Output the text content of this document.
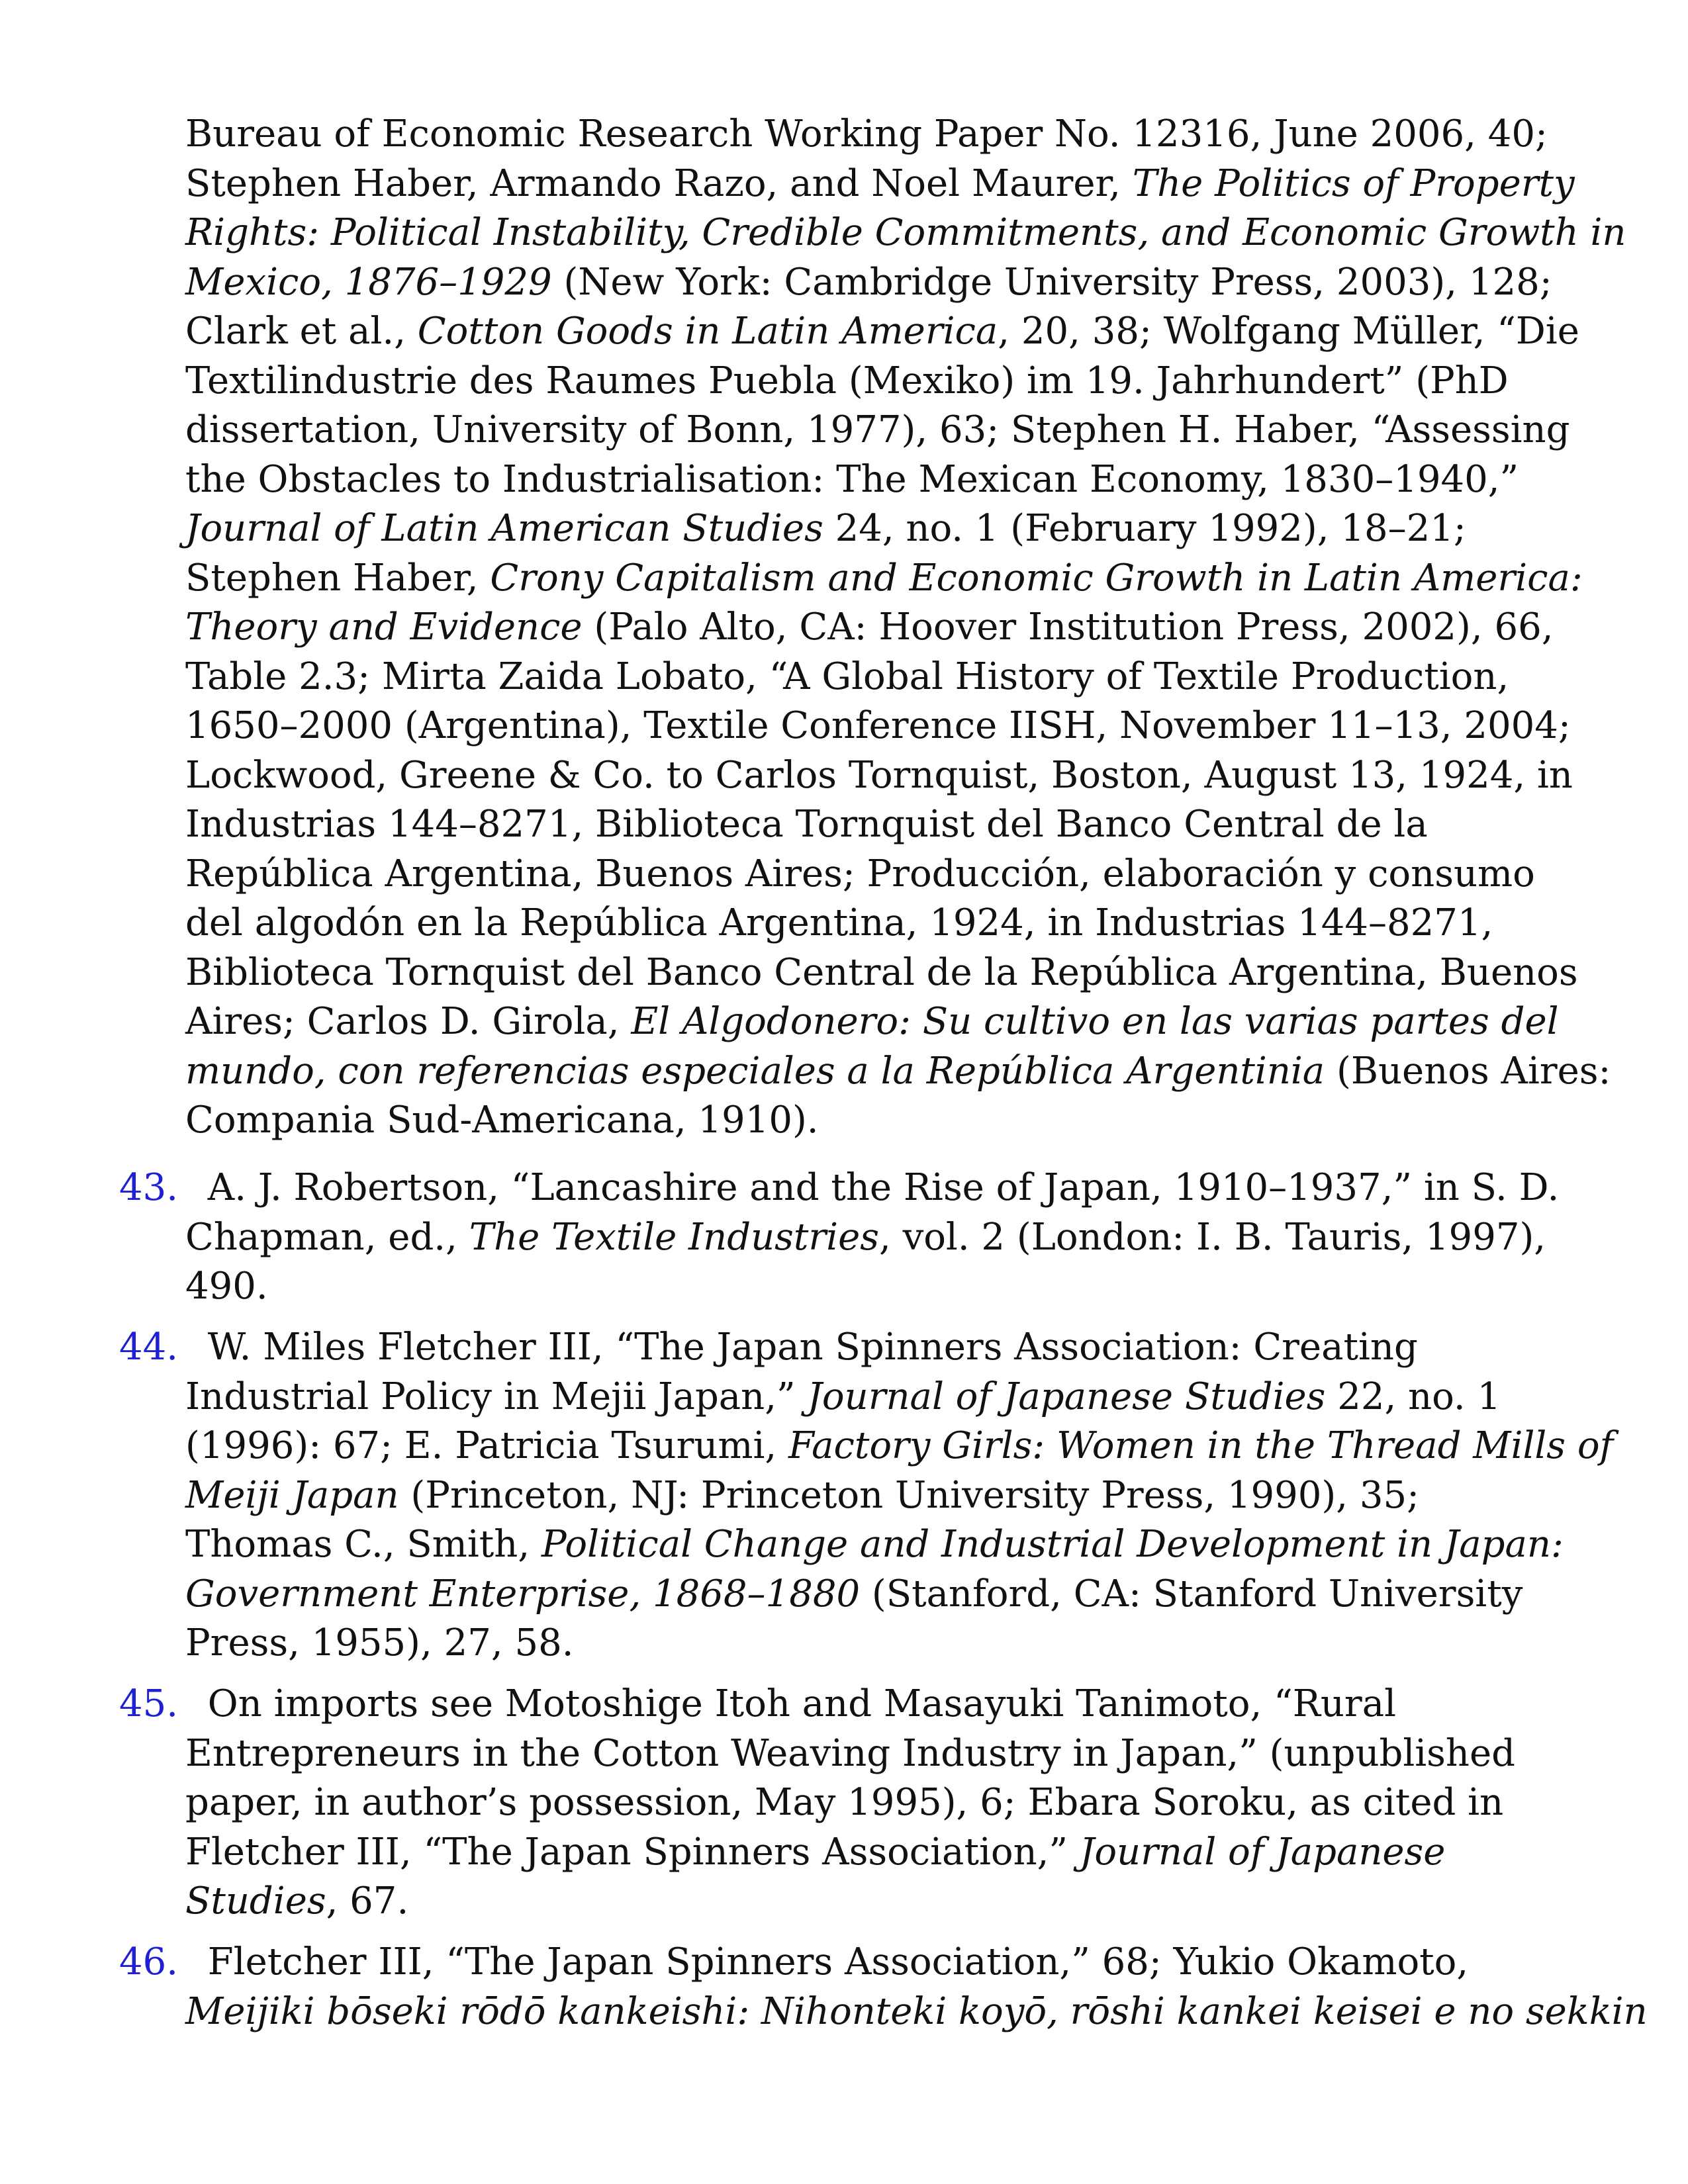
Bureau of Economic Research Working Paper No. 12316, June 2006, 40;
Stephen Haber, Armando Razo, and Noel Maurer, The Politics of Property
Rights: Political Instability, Credible Commitments, and Economic Growth in
Mexico, 1876–1929 (New York: Cambridge University Press, 2003), 128;
Clark et al., Cotton Goods in Latin America, 20, 38; Wolfgang Müller, “Die
Textilindustrie des Raumes Puebla (Mexiko) im 19. Jahrhundert” (PhD
dissertation, University of Bonn, 1977), 63; Stephen H. Haber, “Assessing
the Obstacles to Industrialisation: The Mexican Economy, 1830–1940,”
Journal of Latin American Studies 24, no. 1 (February 1992), 18–21;
Stephen Haber, Crony Capitalism and Economic Growth in Latin America:
Theory and Evidence (Palo Alto, CA: Hoover Institution Press, 2002), 66,
Table 2.3; Mirta Zaida Lobato, “A Global History of Textile Production,
1650–2000 (Argentina), Textile Conference IISH, November 11–13, 2004;
Lockwood, Greene & Co. to Carlos Tornquist, Boston, August 13, 1924, in
Industrias 144–8271, Biblioteca Tornquist del Banco Central de la
República Argentina, Buenos Aires; Producción, elaboración y consumo
del algodón en la República Argentina, 1924, in Industrias 144–8271,
Biblioteca Tornquist del Banco Central de la República Argentina, Buenos
Aires; Carlos D. Girola, El Algodonero: Su cultivo en las varias partes del
mundo, con referencias especiales a la República Argentinia (Buenos Aires:
Compania Sud-Americana, 1910).
43. A. J. Robertson, “Lancashire and the Rise of Japan, 1910–1937,” in S. D.
Chapman, ed., The Textile Industries, vol. 2 (London: I. B. Tauris, 1997),
490.
44. W. Miles Fletcher III, “The Japan Spinners Association: Creating
Industrial Policy in Mejii Japan,” Journal of Japanese Studies 22, no. 1
(1996): 67; E. Patricia Tsurumi, Factory Girls: Women in the Thread Mills of
Meiji Japan (Princeton, NJ: Princeton University Press, 1990), 35;
Thomas C., Smith, Political Change and Industrial Development in Japan:
Government Enterprise, 1868–1880 (Stanford, CA: Stanford University
Press, 1955), 27, 58.
45. On imports see Motoshige Itoh and Masayuki Tanimoto, “Rural
Entrepreneurs in the Cotton Weaving Industry in Japan,” (unpublished
paper, in author’s possession, May 1995), 6; Ebara Soroku, as cited in
Fletcher III, “The Japan Spinners Association,” Journal of Japanese
Studies, 67.
46. Fletcher III, “The Japan Spinners Association,” 68; Yukio Okamoto,
Meijiki bōseki rōdō kankeishi: Nihonteki koyō, rōshi kankei keisei e no sekkin
